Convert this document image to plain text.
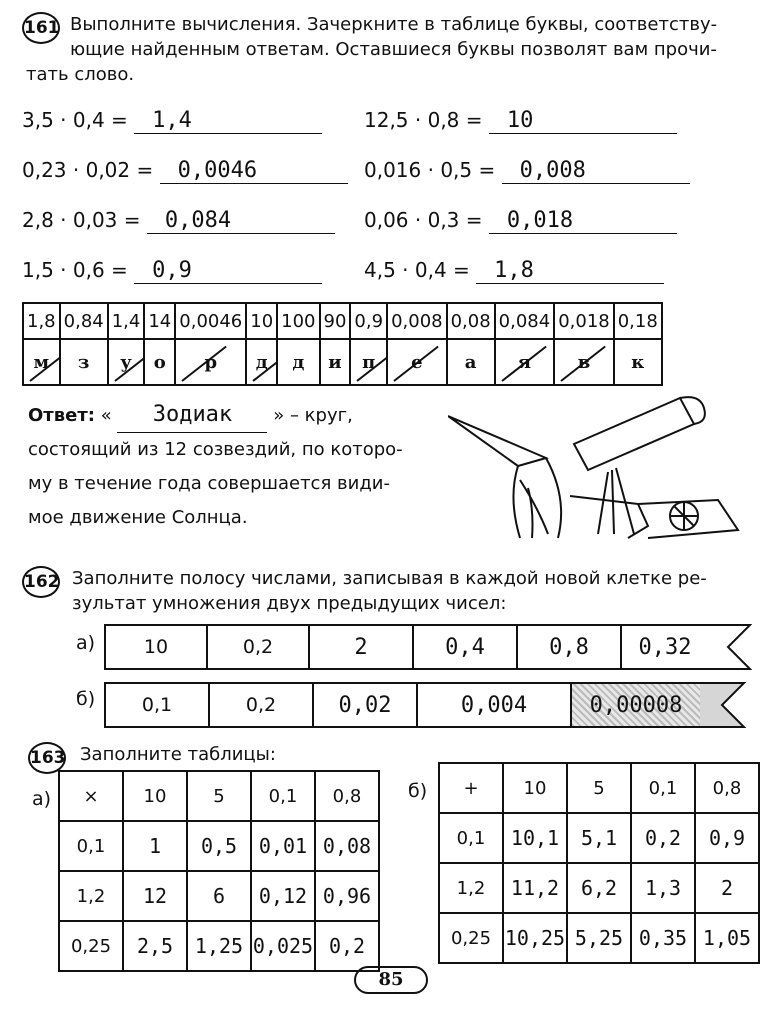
161 Выполните вычисления. Зачеркните в таблице буквы, соответству-
ющие найденным ответам. Оставшиеся буквы позволят вам прочи-
тать слово.
3,5 · 0,4 = 1,4	12,5 · 0,8 = 10
0,23 · 0,02 = 0,0046	0,016 · 0,5 = 0,008
2,8 · 0,03 = 0,084	0,06 · 0,3 = 0,018
1,5 · 0,6 = 0,9	4,5 · 0,4 = 1,8
1,8	0,84	1,4	14	0,0046	10	100	90	0,9	0,008	0,08	0,084	0,018	0,18
м	з	у	о	р	д	д	и	п	е	а	я	в	к
Ответ: « Зодиак » – круг,
состоящий из 12 созвездий, по которо-
му в течение года совершается види-
мое движение Солнца.
162 Заполните полосу числами, записывая в каждой новой клетке ре-
зультат умножения двух предыдущих чисел:
а)	10	0,2	2	0,4	0,8	0,32
б)	0,1	0,2	0,02	0,004	0,00008
163 Заполните таблицы:
а) ×	10	5	0,1	0,8
0,1	1	0,5	0,01	0,08
1,2	12	6	0,12	0,96
0,25	2,5	1,25	0,025	0,2
б) +	10	5	0,1	0,8
0,1	10,1	5,1	0,2	0,9
1,2	11,2	6,2	1,3	2
0,25	10,25	5,25	0,35	1,05
85
